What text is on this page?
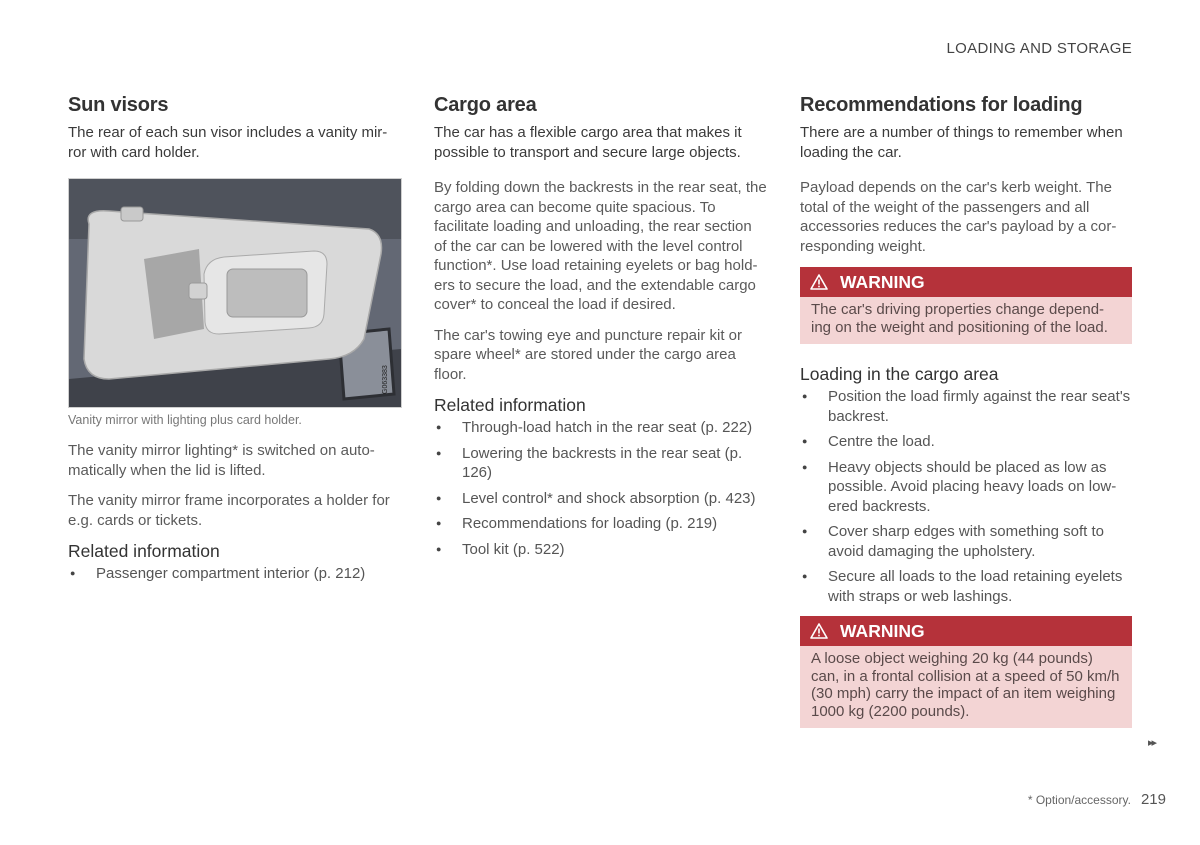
LOADING AND STORAGE
Sun visors

The rear of each sun visor includes a vanity mir-ror with card holder.

G063383
Vanity mirror with lighting plus card holder.

The vanity mirror lighting* is switched on auto-matically when the lid is lifted.

The vanity mirror frame incorporates a holder for e.g. cards or tickets.

Related information
● Passenger compartment interior (p. 212)
Cargo area

The car has a flexible cargo area that makes it possible to transport and secure large objects.

By folding down the backrests in the rear seat, the cargo area can become quite spacious. To facilitate loading and unloading, the rear section of the car can be lowered with the level control function*. Use load retaining eyelets or bag hold-ers to secure the load, and the extendable cargo cover* to conceal the load if desired.

The car's towing eye and puncture repair kit or spare wheel* are stored under the cargo area floor.

Related information
● Through-load hatch in the rear seat (p. 222)
● Lowering the backrests in the rear seat (p. 126)
● Level control* and shock absorption (p. 423)
● Recommendations for loading (p. 219)
● Tool kit (p. 522)
Recommendations for loading

There are a number of things to remember when loading the car.

Payload depends on the car's kerb weight. The total of the weight of the passengers and all accessories reduces the car's payload by a cor-responding weight.

WARNING
The car's driving properties change depend-ing on the weight and positioning of the load.
Loading in the cargo area
● Position the load firmly against the rear seat's backrest.
● Centre the load.
● Heavy objects should be placed as low as possible. Avoid placing heavy loads on low-ered backrests.
● Cover sharp edges with something soft to avoid damaging the upholstery.
● Secure all loads to the load retaining eyelets with straps or web lashings.
WARNING
A loose object weighing 20 kg (44 pounds) can, in a frontal collision at a speed of 50 km/h (30 mph) carry the impact of an item weighing 1000 kg (2200 pounds).
▸▸
* Option/accessory. 219
